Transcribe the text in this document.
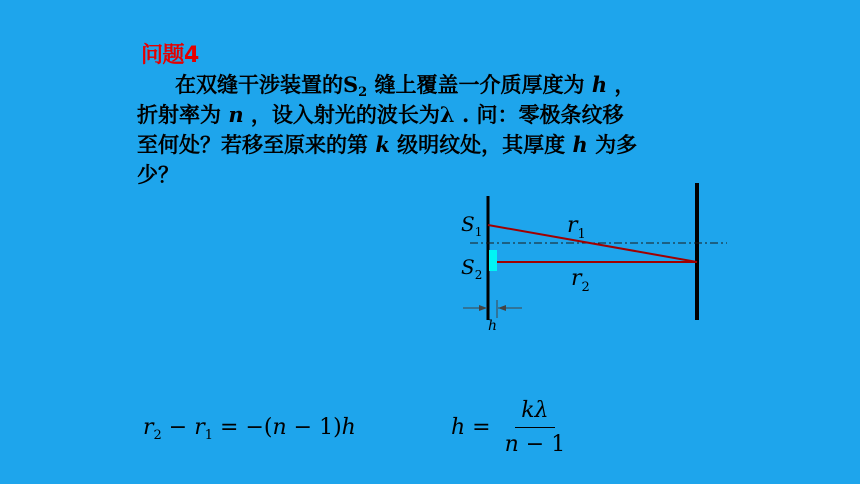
问题4
在双缝干涉装置的$S_2$ 缝上覆盖一介质厚度为 h ，
折射率为 n ，设入射光的波长为λ . 问：零极条纹移
至何处？若移至原来的第 k 级明纹处，其厚度 h 为多
少？
$S_1$
$S_2$
$r_1$
$r_2$
h
$r_2 - r_1 = -(n - 1)h$	$h = \frac{k\lambda}{n - 1}$
